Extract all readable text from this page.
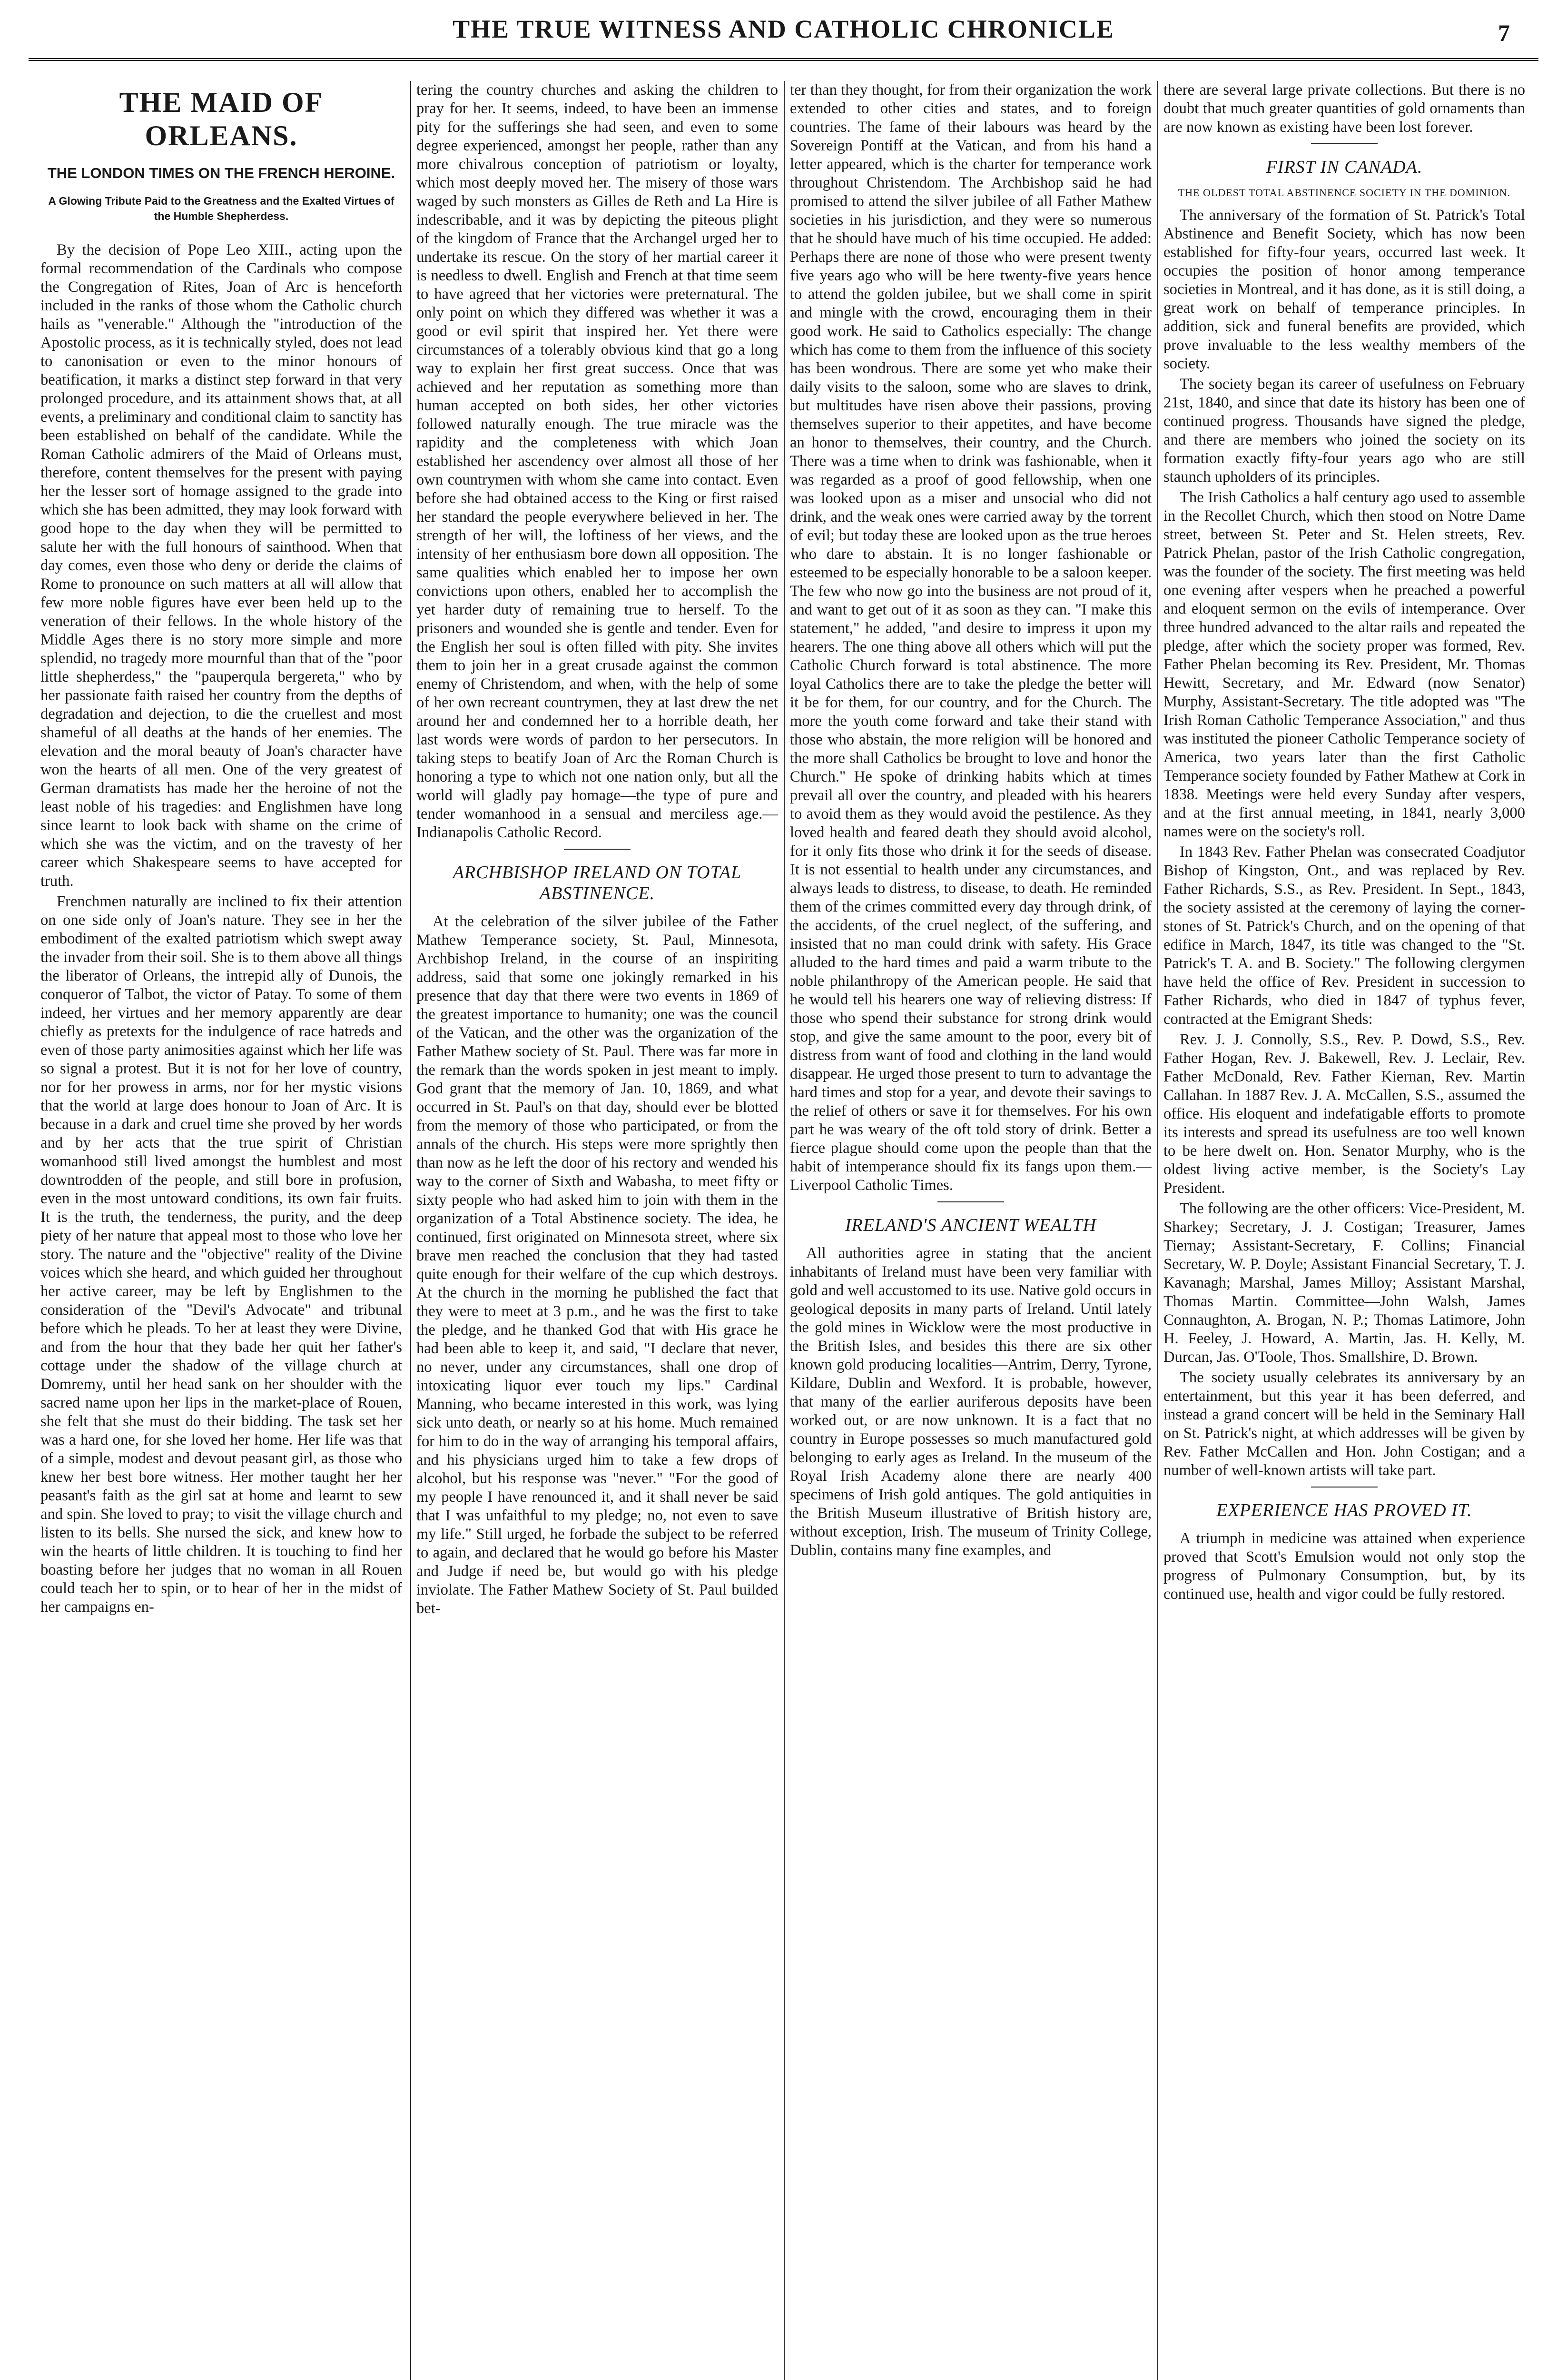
THE TRUE WITNESS AND CATHOLIC CHRONICLE	7
THE MAID OF ORLEANS.
THE LONDON TIMES ON THE FRENCH HEROINE.
A Glowing Tribute Paid to the Greatness and the Exalted Virtues of the Humble Shepherdess.

By the decision of Pope Leo XIII., acting upon the formal recommendation of the Cardinals who compose the Congregation of Rites, Joan of Arc is henceforth included in the ranks of those whom the Catholic church hails as "venerable." Although the "introduction of the Apostolic process, as it is technically styled, does not lead to canonisation or even to the minor honours of beatification, it marks a distinct step forward in that very prolonged procedure, and its attainment shows that, at all events, a preliminary and conditional claim to sanctity has been established on behalf of the candidate. While the Roman Catholic admirers of the Maid of Orleans must, therefore, content themselves for the present with paying her the lesser sort of homage assigned to the grade into which she has been admitted, they may look forward with good hope to the day when they will be permitted to salute her with the full honours of sainthood. When that day comes, even those who deny or deride the claims of Rome to pronounce on such matters at all will allow that few more noble figures have ever been held up to the veneration of their fellows. In the whole history of the Middle Ages there is no story more simple and more splendid, no tragedy more mournful than that of the "poor little shepherdess," the "pauperqula bergereta," who by her passionate faith raised her country from the depths of degradation and dejection, to die the cruellest and most shameful of all deaths at the hands of her enemies. The elevation and the moral beauty of Joan's character have won the hearts of all men. One of the very greatest of German dramatists has made her the heroine of not the least noble of his tragedies: and Englishmen have long since learnt to look back with shame on the crime of which she was the victim, and on the travesty of her career which Shakespeare seems to have accepted for truth.

Frenchmen naturally are inclined to fix their attention on one side only of Joan's nature. They see in her the embodiment of the exalted patriotism which swept away the invader from their soil. She is to them above all things the liberator of Orleans, the intrepid ally of Dunois, the conqueror of Talbot, the victor of Patay. To some of them indeed, her virtues and her memory apparently are dear chiefly as pretexts for the indulgence of race hatreds and even of those party animosities against which her life was so signal a protest. But it is not for her love of country, nor for her prowess in arms, nor for her mystic visions that the world at large does honour to Joan of Arc. It is because in a dark and cruel time she proved by her words and by her acts that the true spirit of Christian womanhood still lived amongst the humblest and most downtrodden of the people, and still bore in profusion, even in the most untoward conditions, its own fair fruits. It is the truth, the tenderness, the purity, and the deep piety of her nature that appeal most to those who love her story. The nature and the "objective" reality of the Divine voices which she heard, and which guided her throughout her active career, may be left by Englishmen to the consideration of the "Devil's Advocate" and tribunal before which he pleads. To her at least they were Divine, and from the hour that they bade her quit her father's cottage under the shadow of the village church at Domremy, until her head sank on her shoulder with the sacred name upon her lips in the market-place of Rouen, she felt that she must do their bidding. The task set her was a hard one, for she loved her home. Her life was that of a simple, modest and devout peasant girl, as those who knew her best bore witness. Her mother taught her her peasant's faith as the girl sat at home and learnt to sew and spin. She loved to pray; to visit the village church and listen to its bells. She nursed the sick, and knew how to win the hearts of little children. It is touching to find her boasting before her judges that no woman in all Rouen could teach her to spin, or to hear of her in the midst of her campaigns en-

tering the country churches and asking the children to pray for her. It seems, indeed, to have been an immense pity for the sufferings she had seen, and even to some degree experienced, amongst her people, rather than any more chivalrous conception of patriotism or loyalty, which most deeply moved her. The misery of those wars waged by such monsters as Gilles de Reth and La Hire is indescribable, and it was by depicting the piteous plight of the kingdom of France that the Archangel urged her to undertake its rescue. On the story of her martial career it is needless to dwell. English and French at that time seem to have agreed that her victories were preternatural. The only point on which they differed was whether it was a good or evil spirit that inspired her. Yet there were circumstances of a tolerably obvious kind that go a long way to explain her first great success. Once that was achieved and her reputation as something more than human accepted on both sides, her other victories followed naturally enough. The true miracle was the rapidity and the completeness with which Joan established her ascendency over almost all those of her own countrymen with whom she came into contact. Even before she had obtained access to the King or first raised her standard the people everywhere believed in her. The strength of her will, the loftiness of her views, and the intensity of her enthusiasm bore down all opposition. The same qualities which enabled her to impose her own convictions upon others, enabled her to accomplish the yet harder duty of remaining true to herself. To the prisoners and wounded she is gentle and tender. Even for the English her soul is often filled with pity. She invites them to join her in a great crusade against the common enemy of Christendom, and when, with the help of some of her own recreant countrymen, they at last drew the net around her and condemned her to a horrible death, her last words were words of pardon to her persecutors. In taking steps to beatify Joan of Arc the Roman Church is honoring a type to which not one nation only, but all the world will gladly pay homage—the type of pure and tender womanhood in a sensual and merciless age.—Indianapolis Catholic Record.

ARCHBISHOP IRELAND ON TOTAL ABSTINENCE.

At the celebration of the silver jubilee of the Father Mathew Temperance society, St. Paul, Minnesota, Archbishop Ireland, in the course of an inspiriting address, said that some one jokingly remarked in his presence that day that there were two events in 1869 of the greatest importance to humanity; one was the council of the Vatican, and the other was the organization of the Father Mathew society of St. Paul. There was far more in the remark than the words spoken in jest meant to imply. God grant that the memory of Jan. 10, 1869, and what occurred in St. Paul's on that day, should ever be blotted from the memory of those who participated, or from the annals of the church. His steps were more sprightly then than now as he left the door of his rectory and wended his way to the corner of Sixth and Wabasha, to meet fifty or sixty people who had asked him to join with them in the organization of a Total Abstinence society. The idea, he continued, first originated on Minnesota street, where six brave men reached the conclusion that they had tasted quite enough for their welfare of the cup which destroys. At the church in the morning he published the fact that they were to meet at 3 p.m., and he was the first to take the pledge, and he thanked God that with His grace he had been able to keep it, and said, "I declare that never, no never, under any circumstances, shall one drop of intoxicating liquor ever touch my lips." Cardinal Manning, who became interested in this work, was lying sick unto death, or nearly so at his home. Much remained for him to do in the way of arranging his temporal affairs, and his physicians urged him to take a few drops of alcohol, but his response was "never." "For the good of my people I have renounced it, and it shall never be said that I was unfaithful to my pledge; no, not even to save my life." Still urged, he forbade the subject to be referred to again, and declared that he would go before his Master and Judge if need be, but would go with his pledge inviolate. The Father Mathew Society of St. Paul builded bet-

ter than they thought, for from their organization the work extended to other cities and states, and to foreign countries. The fame of their labours was heard by the Sovereign Pontiff at the Vatican, and from his hand a letter appeared, which is the charter for temperance work throughout Christendom. The Archbishop said he had promised to attend the silver jubilee of all Father Mathew societies in his jurisdiction, and they were so numerous that he should have much of his time occupied. He added: Perhaps there are none of those who were present twenty five years ago who will be here twenty-five years hence to attend the golden jubilee, but we shall come in spirit and mingle with the crowd, encouraging them in their good work. He said to Catholics especially: The change which has come to them from the influence of this society has been wondrous. There are some yet who make their daily visits to the saloon, some who are slaves to drink, but multitudes have risen above their passions, proving themselves superior to their appetites, and have become an honor to themselves, their country, and the Church. There was a time when to drink was fashionable, when it was regarded as a proof of good fellowship, when one was looked upon as a miser and unsocial who did not drink, and the weak ones were carried away by the torrent of evil; but today these are looked upon as the true heroes who dare to abstain. It is no longer fashionable or esteemed to be especially honorable to be a saloon keeper. The few who now go into the business are not proud of it, and want to get out of it as soon as they can. "I make this statement," he added, "and desire to impress it upon my hearers. The one thing above all others which will put the Catholic Church forward is total abstinence. The more loyal Catholics there are to take the pledge the better will it be for them, for our country, and for the Church. The more the youth come forward and take their stand with those who abstain, the more religion will be honored and the more shall Catholics be brought to love and honor the Church." He spoke of drinking habits which at times prevail all over the country, and pleaded with his hearers to avoid them as they would avoid the pestilence. As they loved health and feared death they should avoid alcohol, for it only fits those who drink it for the seeds of disease. It is not essential to health under any circumstances, and always leads to distress, to disease, to death. He reminded them of the crimes committed every day through drink, of the accidents, of the cruel neglect, of the suffering, and insisted that no man could drink with safety. His Grace alluded to the hard times and paid a warm tribute to the noble philanthropy of the American people. He said that he would tell his hearers one way of relieving distress: If those who spend their substance for strong drink would stop, and give the same amount to the poor, every bit of distress from want of food and clothing in the land would disappear. He urged those present to turn to advantage the hard times and stop for a year, and devote their savings to the relief of others or save it for themselves. For his own part he was weary of the oft told story of drink. Better a fierce plague should come upon the people than that the habit of intemperance should fix its fangs upon them.—Liverpool Catholic Times.

IRELAND'S ANCIENT WEALTH

All authorities agree in stating that the ancient inhabitants of Ireland must have been very familiar with gold and well accustomed to its use. Native gold occurs in geological deposits in many parts of Ireland. Until lately the gold mines in Wicklow were the most productive in the British Isles, and besides this there are six other known gold producing localities—Antrim, Derry, Tyrone, Kildare, Dublin and Wexford. It is probable, however, that many of the earlier auriferous deposits have been worked out, or are now unknown. It is a fact that no country in Europe possesses so much manufactured gold belonging to early ages as Ireland. In the museum of the Royal Irish Academy alone there are nearly 400 specimens of Irish gold antiques. The gold antiquities in the British Museum illustrative of British history are, without exception, Irish. The museum of Trinity College, Dublin, contains many fine examples, and

there are several large private collections. But there is no doubt that much greater quantities of gold ornaments than are now known as existing have been lost forever.

FIRST IN CANADA.
THE OLDEST TOTAL ABSTINENCE SOCIETY IN THE DOMINION.

The anniversary of the formation of St. Patrick's Total Abstinence and Benefit Society, which has now been established for fifty-four years, occurred last week. It occupies the position of honor among temperance societies in Montreal, and it has done, as it is still doing, a great work on behalf of temperance principles. In addition, sick and funeral benefits are provided, which prove invaluable to the less wealthy members of the society.

The society began its career of usefulness on February 21st, 1840, and since that date its history has been one of continued progress. Thousands have signed the pledge, and there are members who joined the society on its formation exactly fifty-four years ago who are still staunch upholders of its principles.

The Irish Catholics a half century ago used to assemble in the Recollet Church, which then stood on Notre Dame street, between St. Peter and St. Helen streets, Rev. Patrick Phelan, pastor of the Irish Catholic congregation, was the founder of the society. The first meeting was held one evening after vespers when he preached a powerful and eloquent sermon on the evils of intemperance. Over three hundred advanced to the altar rails and repeated the pledge, after which the society proper was formed, Rev. Father Phelan becoming its Rev. President, Mr. Thomas Hewitt, Secretary, and Mr. Edward (now Senator) Murphy, Assistant-Secretary. The title adopted was "The Irish Roman Catholic Temperance Association," and thus was instituted the pioneer Catholic Temperance society of America, two years later than the first Catholic Temperance society founded by Father Mathew at Cork in 1838. Meetings were held every Sunday after vespers, and at the first annual meeting, in 1841, nearly 3,000 names were on the society's roll.

In 1843 Rev. Father Phelan was consecrated Coadjutor Bishop of Kingston, Ont., and was replaced by Rev. Father Richards, S.S., as Rev. President. In Sept., 1843, the society assisted at the ceremony of laying the corner-stones of St. Patrick's Church, and on the opening of that edifice in March, 1847, its title was changed to the "St. Patrick's T. A. and B. Society." The following clergymen have held the office of Rev. President in succession to Father Richards, who died in 1847 of typhus fever, contracted at the Emigrant Sheds:

Rev. J. J. Connolly, S.S., Rev. P. Dowd, S.S., Rev. Father Hogan, Rev. J. Bakewell, Rev. J. Leclair, Rev. Father McDonald, Rev. Father Kiernan, Rev. Martin Callahan. In 1887 Rev. J. A. McCallen, S.S., assumed the office. His eloquent and indefatigable efforts to promote its interests and spread its usefulness are too well known to be here dwelt on. Hon. Senator Murphy, who is the oldest living active member, is the Society's Lay President.

The following are the other officers: Vice-President, M. Sharkey; Secretary, J. J. Costigan; Treasurer, James Tiernay; Assistant-Secretary, F. Collins; Financial Secretary, W. P. Doyle; Assistant Financial Secretary, T. J. Kavanagh; Marshal, James Milloy; Assistant Marshal, Thomas Martin. Committee—John Walsh, James Connaughton, A. Brogan, N. P.; Thomas Latimore, John H. Feeley, J. Howard, A. Martin, Jas. H. Kelly, M. Durcan, Jas. O'Toole, Thos. Smallshire, D. Brown.

The society usually celebrates its anniversary by an entertainment, but this year it has been deferred, and instead a grand concert will be held in the Seminary Hall on St. Patrick's night, at which addresses will be given by Rev. Father McCallen and Hon. John Costigan; and a number of well-known artists will take part.

EXPERIENCE HAS PROVED IT.

A triumph in medicine was attained when experience proved that Scott's Emulsion would not only stop the progress of Pulmonary Consumption, but, by its continued use, health and vigor could be fully restored.
